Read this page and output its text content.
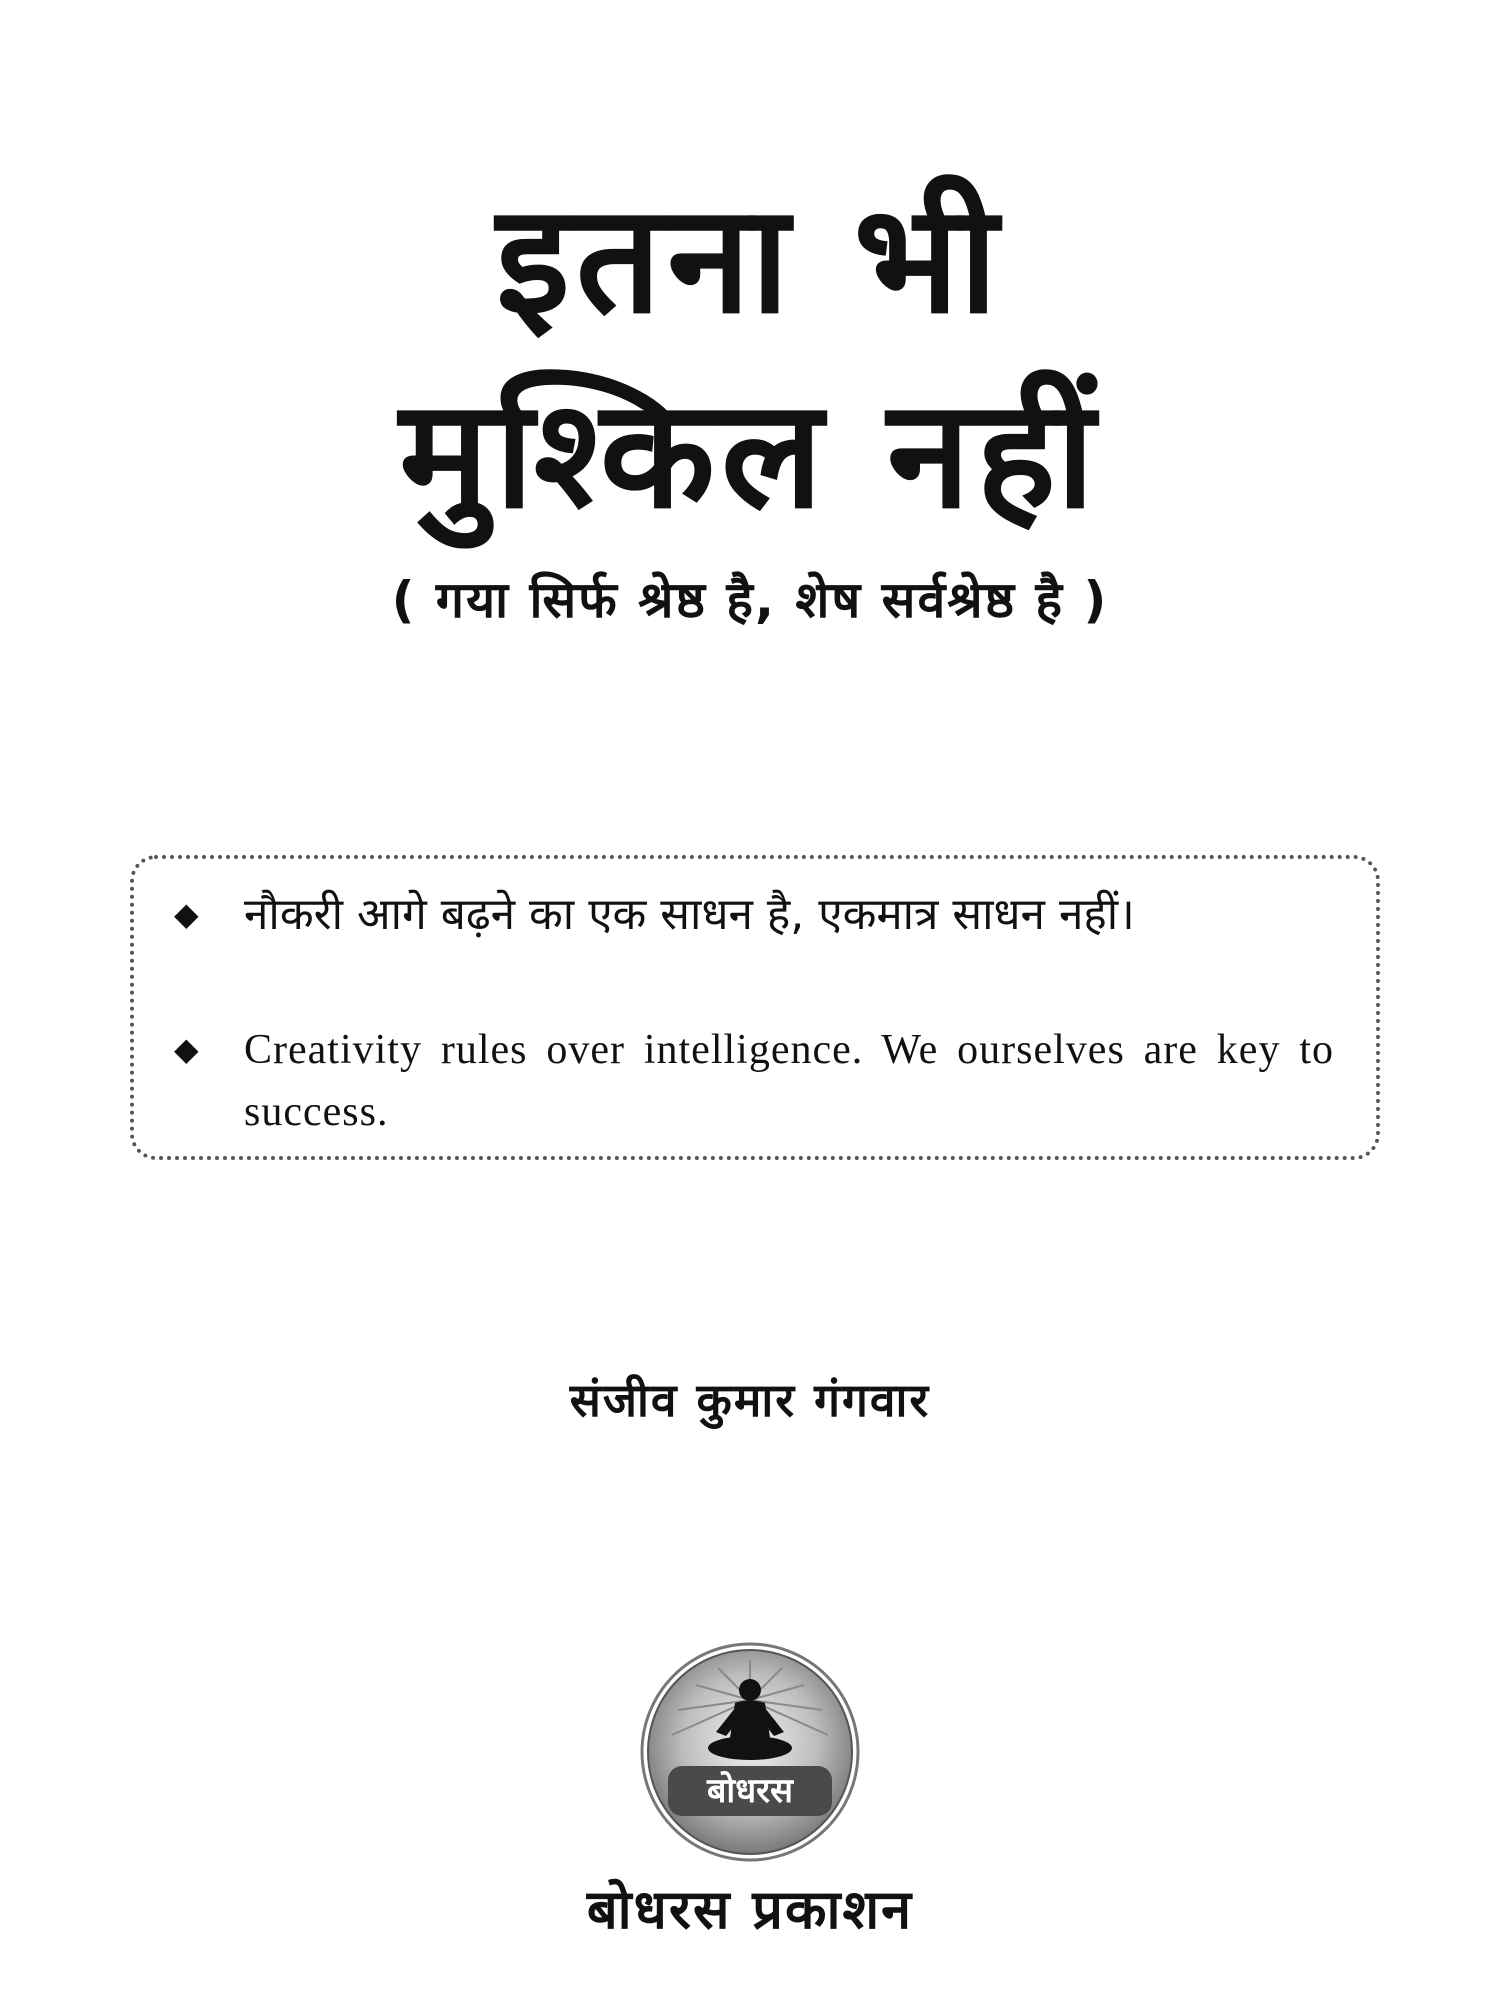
इतना भी
मुश्किल नहीं
( गया सिर्फ श्रेष्ठ है, शेष सर्वश्रेष्ठ है )
◆ नौकरी आगे बढ़ने का एक साधन है, एकमात्र साधन नहीं।
◆ Creativity rules over intelligence. We ourselves are key to success.
संजीव कुमार गंगवार
बोधरस
बोधरस प्रकाशन
